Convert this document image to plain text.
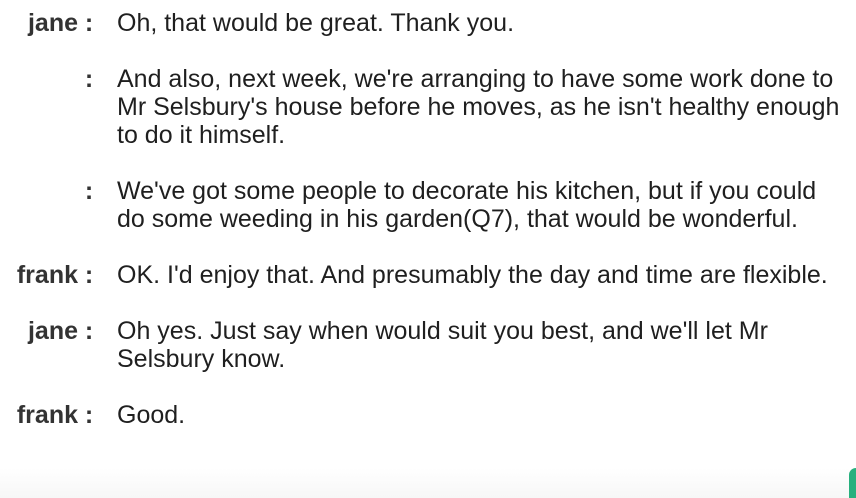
jane : Oh, that would be great. Thank you.
: And also, next week, we're arranging to have some work done to Mr Selsbury's house before he moves, as he isn't healthy enough to do it himself.
: We've got some people to decorate his kitchen, but if you could do some weeding in his garden(Q7), that would be wonderful.
frank : OK. I'd enjoy that. And presumably the day and time are flexible.
jane : Oh yes. Just say when would suit you best, and we'll let Mr Selsbury know.
frank : Good.
